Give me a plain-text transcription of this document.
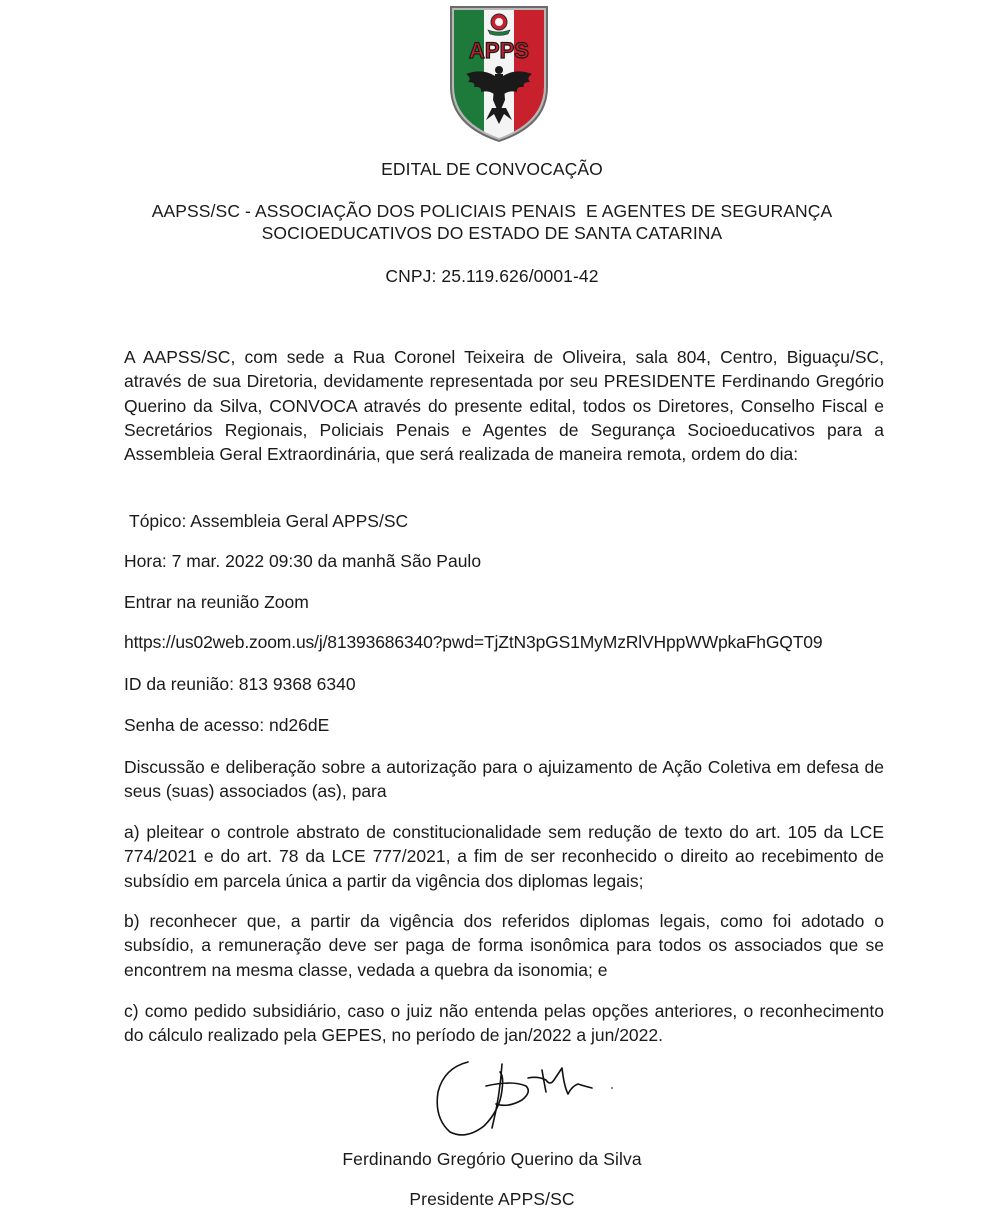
APPS
EDITAL DE CONVOCAÇÃO
AAPSS/SC - ASSOCIAÇÃO DOS POLICIAIS PENAIS  E AGENTES DE SEGURANÇA
SOCIOEDUCATIVOS DO ESTADO DE SANTA CATARINA
CNPJ: 25.119.626/0001-42
A AAPSS/SC, com sede a Rua Coronel Teixeira de Oliveira, sala 804, Centro, Biguaçu/SC, através de sua Diretoria, devidamente representada por seu PRESIDENTE Ferdinando Gregório Querino da Silva, CONVOCA através do presente edital, todos os Diretores, Conselho Fiscal e Secretários Regionais, Policiais Penais e Agentes de Segurança Socioeducativos para a Assembleia Geral Extraordinária, que será realizada de maneira remota, ordem do dia:
Tópico: Assembleia Geral APPS/SC
Hora: 7 mar. 2022 09:30 da manhã São Paulo
Entrar na reunião Zoom
https://us02web.zoom.us/j/81393686340?pwd=TjZtN3pGS1MyMzRlVHppWWpkaFhGQT09
ID da reunião: 813 9368 6340
Senha de acesso: nd26dE
Discussão e deliberação sobre a autorização para o ajuizamento de Ação Coletiva em defesa de seus (suas) associados (as), para
a) pleitear o controle abstrato de constitucionalidade sem redução de texto do art. 105 da LCE 774/2021 e do art. 78 da LCE 777/2021, a fim de ser reconhecido o direito ao recebimento de subsídio em parcela única a partir da vigência dos diplomas legais;
b) reconhecer que, a partir da vigência dos referidos diplomas legais, como foi adotado o subsídio, a remuneração deve ser paga de forma isonômica para todos os associados que se encontrem na mesma classe, vedada a quebra da isonomia; e
c) como pedido subsidiário, caso o juiz não entenda pelas opções anteriores, o reconhecimento do cálculo realizado pela GEPES, no período de jan/2022 a jun/2022.
Ferdinando Gregório Querino da Silva
Presidente APPS/SC
